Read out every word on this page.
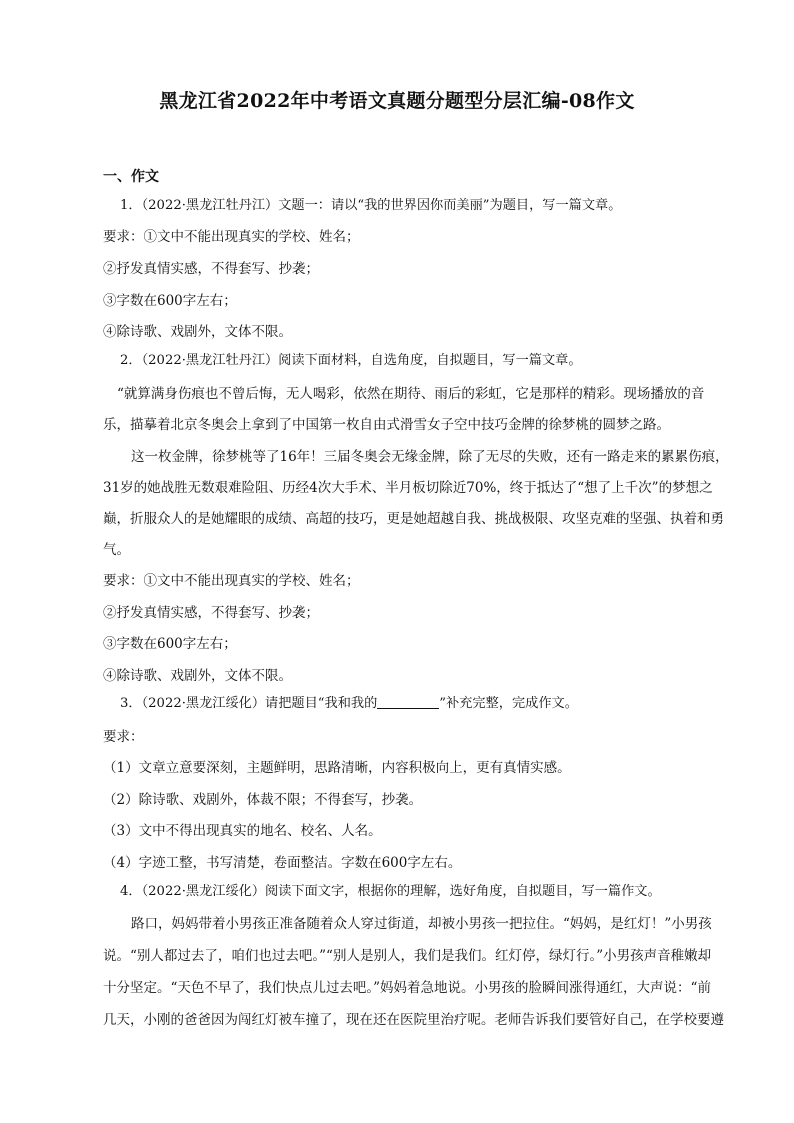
黑龙江省2022年中考语文真题分题型分层汇编-08作文
一、作文
1．（2022·黑龙江牡丹江）文题一：请以“我的世界因你而美丽”为题目，写一篇文章。
要求：①文中不能出现真实的学校、姓名；
②抒发真情实感，不得套写、抄袭；
③字数在600字左右；
④除诗歌、戏剧外，文体不限。
2．（2022·黑龙江牡丹江）阅读下面材料，自选角度，自拟题目，写一篇文章。
“就算满身伤痕也不曾后悔，无人喝彩，依然在期待、雨后的彩虹，它是那样的精彩。现场播放的音
乐，描摹着北京冬奥会上拿到了中国第一枚自由式滑雪女子空中技巧金牌的徐梦桃的圆梦之路。
这一枚金牌，徐梦桃等了16年！三届冬奥会无缘金牌，除了无尽的失败，还有一路走来的累累伤痕，
31岁的她战胜无数艰难险阻、历经4次大手术、半月板切除近70%，终于抵达了“想了上千次”的梦想之
巅，折服众人的是她耀眼的成绩、高超的技巧，更是她超越自我、挑战极限、攻坚克难的坚强、执着和勇
气。
要求：①文中不能出现真实的学校、姓名；
②抒发真情实感，不得套写、抄袭；
③字数在600字左右；
④除诗歌、戏剧外，文体不限。
3．（2022·黑龙江绥化）请把题目“我和我的	”补充完整，完成作文。
要求：
（1）文章立意要深刻，主题鲜明，思路清晰，内容积极向上，更有真情实感。
（2）除诗歌、戏剧外，体裁不限；不得套写，抄袭。
（3）文中不得出现真实的地名、校名、人名。
（4）字迹工整，书写清楚，卷面整洁。字数在600字左右。
4．（2022·黑龙江绥化）阅读下面文字，根据你的理解，选好角度，自拟题目，写一篇作文。
路口，妈妈带着小男孩正准备随着众人穿过街道，却被小男孩一把拉住。“妈妈，是红灯！”小男孩
说。“别人都过去了，咱们也过去吧。”“别人是别人，我们是我们。红灯停，绿灯行。”小男孩声音稚嫩却
十分坚定。“天色不早了，我们快点儿过去吧。”妈妈着急地说。小男孩的脸瞬间涨得通红，大声说：“前
几天，小刚的爸爸因为闯红灯被车撞了，现在还在医院里治疗呢。老师告诉我们要管好自己，在学校要遵
